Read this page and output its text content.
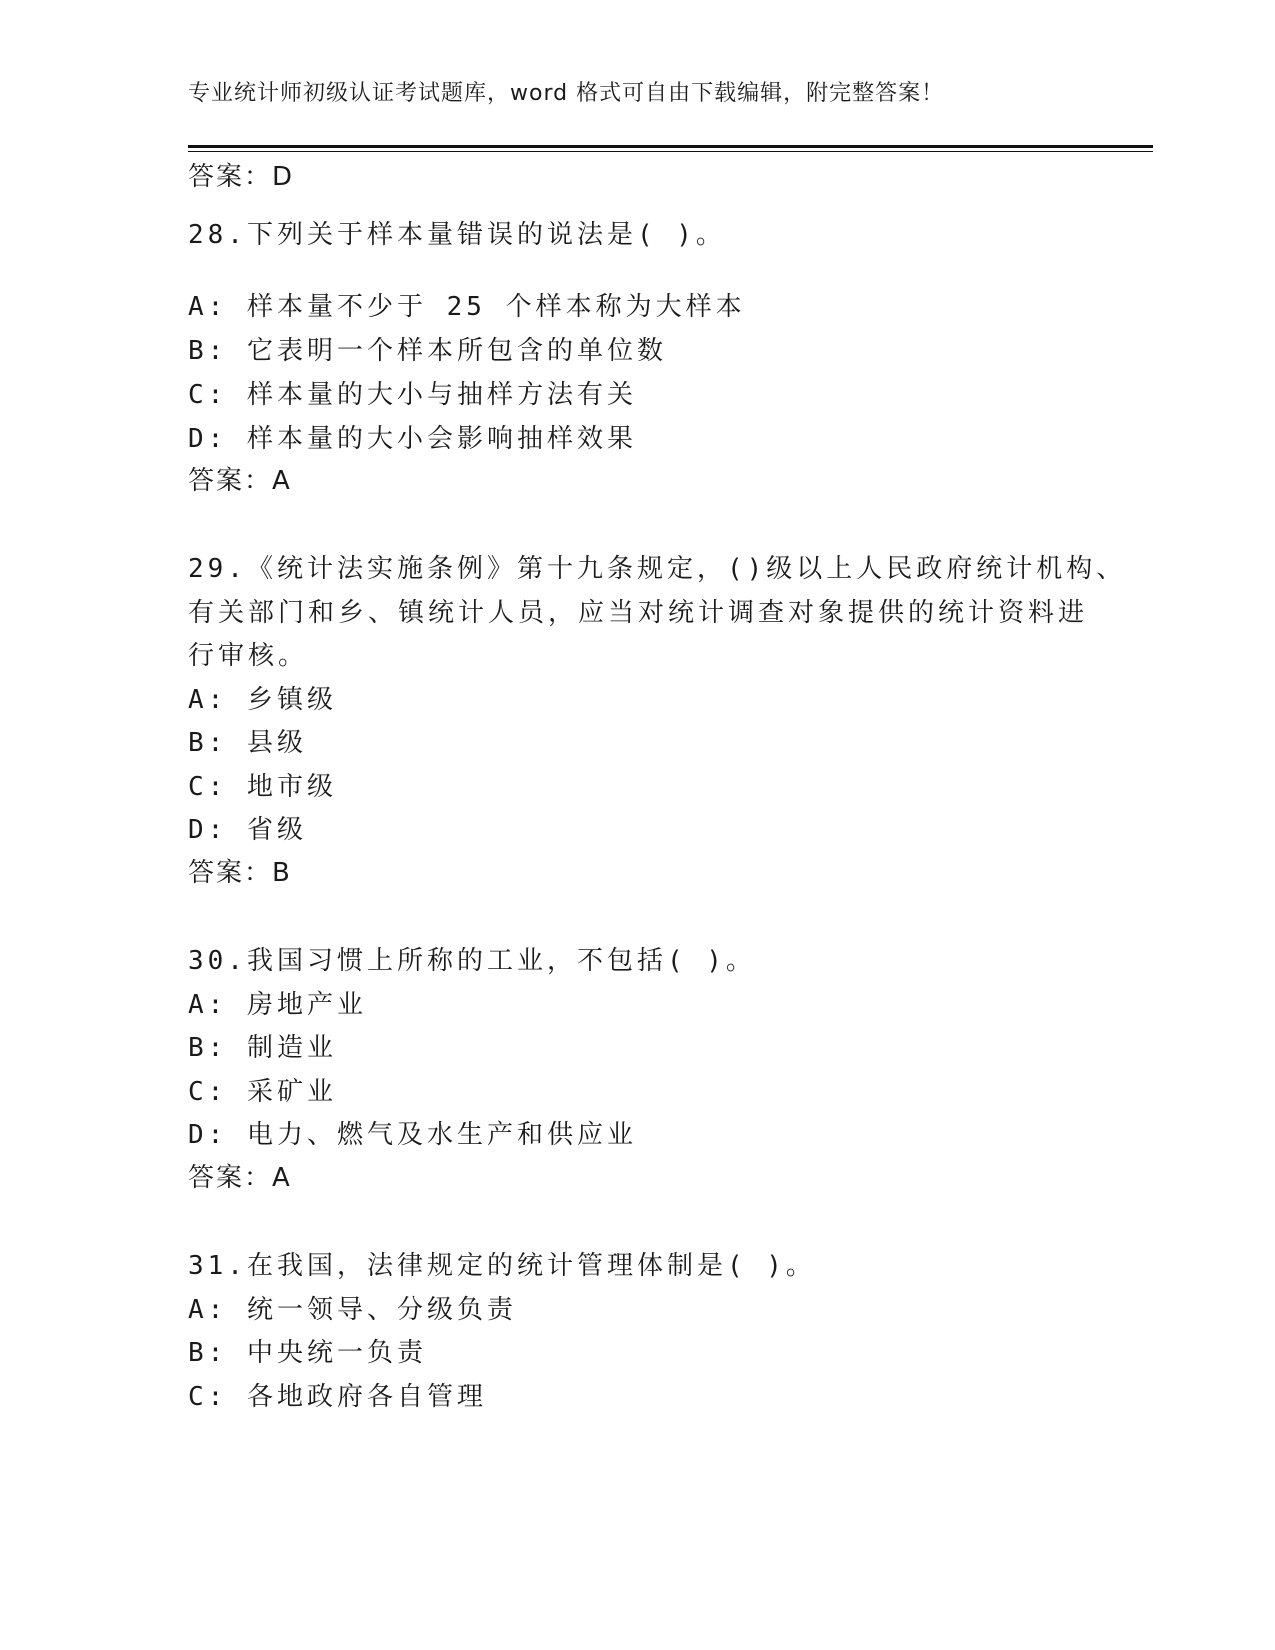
专业统计师初级认证考试题库，word 格式可自由下载编辑，附完整答案！
答案：D
28.下列关于样本量错误的说法是( )。
A: 样本量不少于 25 个样本称为大样本
B: 它表明一个样本所包含的单位数
C: 样本量的大小与抽样方法有关
D: 样本量的大小会影响抽样效果
答案：A
29.《统计法实施条例》第十九条规定，()级以上人民政府统计机构、
有关部门和乡、镇统计人员，应当对统计调查对象提供的统计资料进
行审核。
A: 乡镇级
B: 县级
C: 地市级
D: 省级
答案：B
30.我国习惯上所称的工业，不包括( )。
A: 房地产业
B: 制造业
C: 采矿业
D: 电力、燃气及水生产和供应业
答案：A
31.在我国，法律规定的统计管理体制是( )。
A: 统一领导、分级负责
B: 中央统一负责
C: 各地政府各自管理
